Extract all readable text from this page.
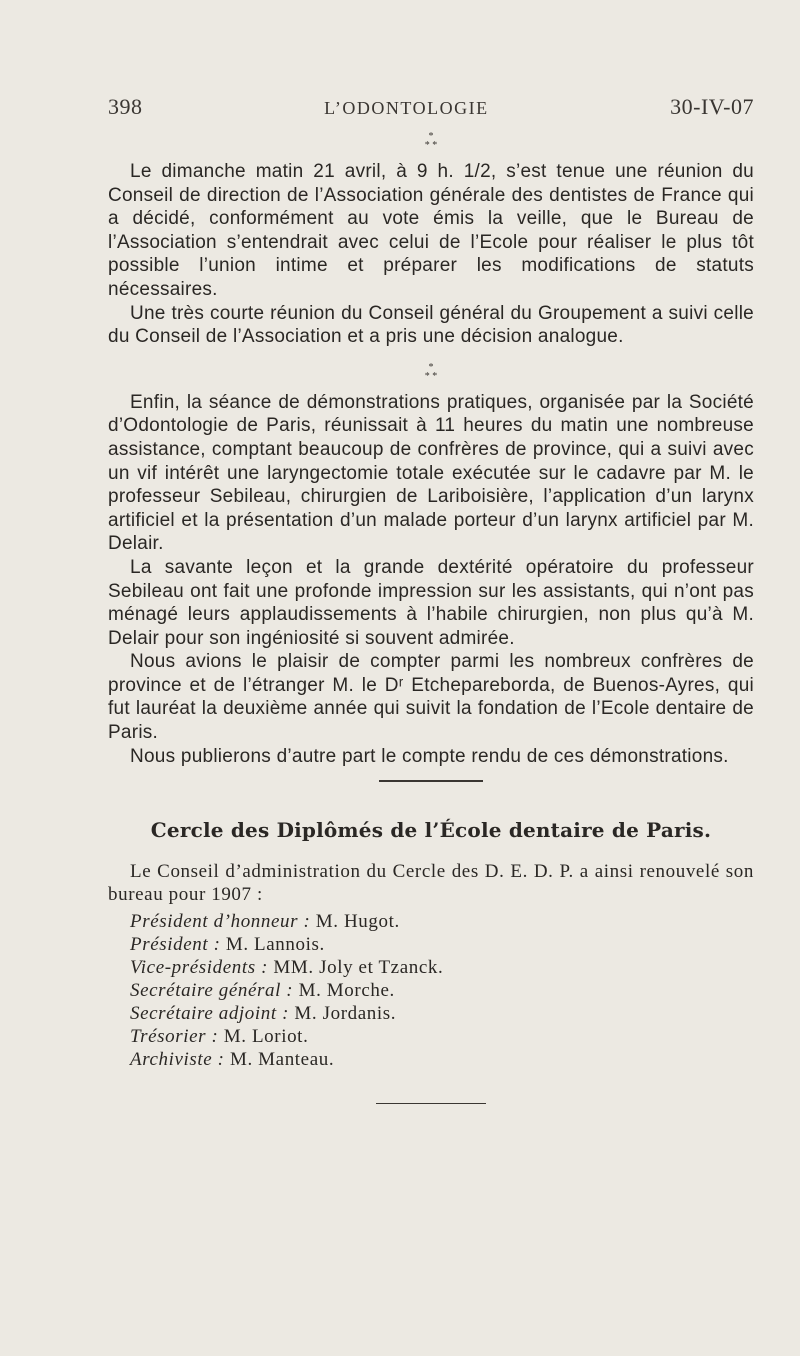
398	L’ODONTOLOGIE	30-IV-07
*
* *

Le dimanche matin 21 avril, à 9 h. 1/2, s’est tenue une réunion du Conseil de direction de l’Association générale des dentistes de France qui a décidé, conformément au vote émis la veille, que le Bureau de l’Association s’entendrait avec celui de l’Ecole pour réaliser le plus tôt possible l’union intime et préparer les modifications de statuts nécessaires.

Une très courte réunion du Conseil général du Groupement a suivi celle du Conseil de l’Association et a pris une décision analogue.

*
* *

Enfin, la séance de démonstrations pratiques, organisée par la Société d’Odontologie de Paris, réunissait à 11 heures du matin une nombreuse assistance, comptant beaucoup de confrères de province, qui a suivi avec un vif intérêt une laryngectomie totale exécutée sur le cadavre par M. le professeur Sebileau, chirurgien de Lariboisière, l’application d’un larynx artificiel et la présentation d’un malade porteur d’un larynx artificiel par M. Delair.

La savante leçon et la grande dextérité opératoire du professeur Sebileau ont fait une profonde impression sur les assistants, qui n’ont pas ménagé leurs applaudissements à l’habile chirurgien, non plus qu’à M. Delair pour son ingéniosité si souvent admirée.

Nous avions le plaisir de compter parmi les nombreux confrères de province et de l’étranger M. le Dʳ Etchepareborda, de Buenos-Ayres, qui fut lauréat la deuxième année qui suivit la fondation de l’Ecole dentaire de Paris.

Nous publierons d’autre part le compte rendu de ces démonstrations.

Cercle des Diplômés de l’École dentaire de Paris.

Le Conseil d’administration du Cercle des D. E. D. P. a ainsi renouvelé son bureau pour 1907 :

Président d’honneur : M. Hugot.
Président : M. Lannois.
Vice-présidents : MM. Joly et Tzanck.
Secrétaire général : M. Morche.
Secrétaire adjoint : M. Jordanis.
Trésorier : M. Loriot.
Archiviste : M. Manteau.
